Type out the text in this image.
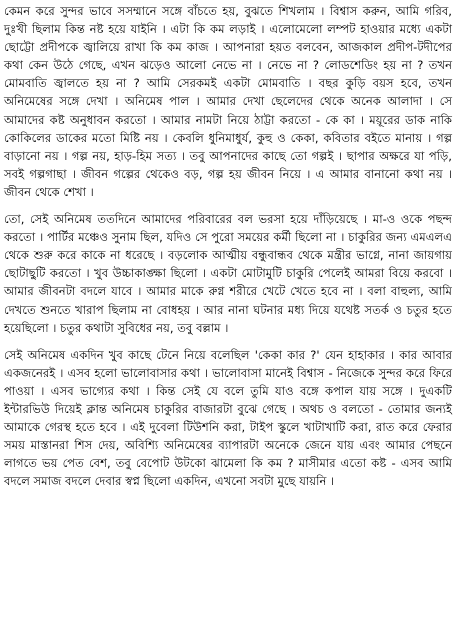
কেমন করে সুন্দর ভাবে সসম্মানে সঙ্গে বাঁচতে হয়, বুঝতে শিখলাম । বিশ্বাস করুন, আমি গরিব, দুঃখী ছিলাম কিন্ত নষ্ট হয়ে যাইনি । এটা কি কম লড়াই । এলোমেলো লম্পট হাওয়ার মধ্যে একটা ছোট্টো প্রদীপকে জ্বালিয়ে রাখা কি কম কাজ । আপনারা হয়ত বলবেন, আজকাল প্রদীপ-টদীপের কথা কেন উঠে গেছে, এখন ঝড়েও আলো নেভে না । নেভে না ? লোডশেডিং হয় না ? তখন মোমবাতি জ্বালতে হয় না ? আমি সেরকমই একটা মোমবাতি । বছর কুড়ি বয়স হবে, তখন অনিমেষের সঙ্গে দেখা । অনিমেষ পাল । আমার দেখা ছেলেদের থেকে অনেক আলাদা । সে আমাদের কষ্ট অনুধাবন করতো । আমার নামটা নিয়ে ঠাট্টা করতো - কে কা । ময়ূরের ডাক নাকি কোকিলের ডাকের মতো মিষ্টি নয় । কেবলি ধুনিমাধুর্য, কুহু ও কেকা, কবিতার বইতে মানায় । গল্প বাড়ানো নয় । গল্প নয়, হাড়-হিম সত্য । তবু আপনাদের কাছে তো গল্পই । ছাপার অক্ষরে যা পড়ি, সবই গল্পগাছা । জীবন গল্পের থেকেও বড়, গল্প হয় জীবন নিয়ে । এ আমার বানানো কথা নয় । জীবন থেকে শেখা ।

তো, সেই অনিমেষ ততদিনে আমাদের পরিবারের বল ভরসা হয়ে দাঁড়িয়েছে । মা-ও ওকে পছন্দ করতো । পার্টির মঞ্চেও সুনাম ছিল, যদিও সে পুরো সময়ের কর্মী ছিলো না । চাকুরির জন্য এমএলএ থেকে শুরু করে কাকে না ধরেছে । বড়লোক আত্মীয় বন্ধুবান্ধব থেকে মন্ত্রীর ভাগ্নে, নানা জায়গায় ছোটাছুটি করতো । খুব উচ্চাকাঙ্ক্ষা ছিলো । একটা মোটামুটি চাকুরি পেলেই আমরা বিয়ে করবো । আমার জীবনটা বদলে যাবে । আমার মাকে রুগ্ন শরীরে খেটে খেতে হবে না । বলা বাহুল্য, আমি দেখতে শুনতে খারাপ ছিলাম না বোধহয় । আর নানা ঘটনার মধ্য দিয়ে যথেষ্ট সতর্ক ও চতুর হতে হয়েছিলো । চতুর কথাটা সুবিধের নয়, তবু বল্লাম ।

সেই অনিমেষ একদিন খুব কাছে টেনে নিয়ে বলেছিল 'কেকা কার ?' যেন হাহাকার । কার আবার একজনেরই । এসব হলো ভালোবাসার কথা । ভালোবাসা মানেই বিশ্বাস - নিজেকে সুন্দর করে ফিরে পাওয়া । এসব ভাগ্যের কথা । কিন্ত সেই যে বলে তুমি যাও বঙ্গে কপাল যায় সঙ্গে । দুএকটি ইন্টারভিউ দিয়েই ক্লান্ত অনিমেষ চাকুরির বাজারটা বুঝে গেছে । অথচ ও বলতো - তোমার জন্যই আমাকে গেরস্থ হতে হবে । এই দুবেলা টিউশনি করা, টাইপ স্কুলে খাটাখাটি করা, রাত করে ফেরার সময় মাস্তানরা শিস দেয়, অবিশ্যি অনিমেষের ব্যাপারটা অনেকে জেনে যায় এবং আমার পেছনে লাগতে ভয় পেত বেশ, তবু বেপোট উটকো ঝামেলা কি কম ? মাসীমার এতো কষ্ট - এসব আমি বদলে সমাজ বদলে দেবার স্বপ্ন ছিলো একদিন, এখনো সবটা মুছে যায়নি ।
